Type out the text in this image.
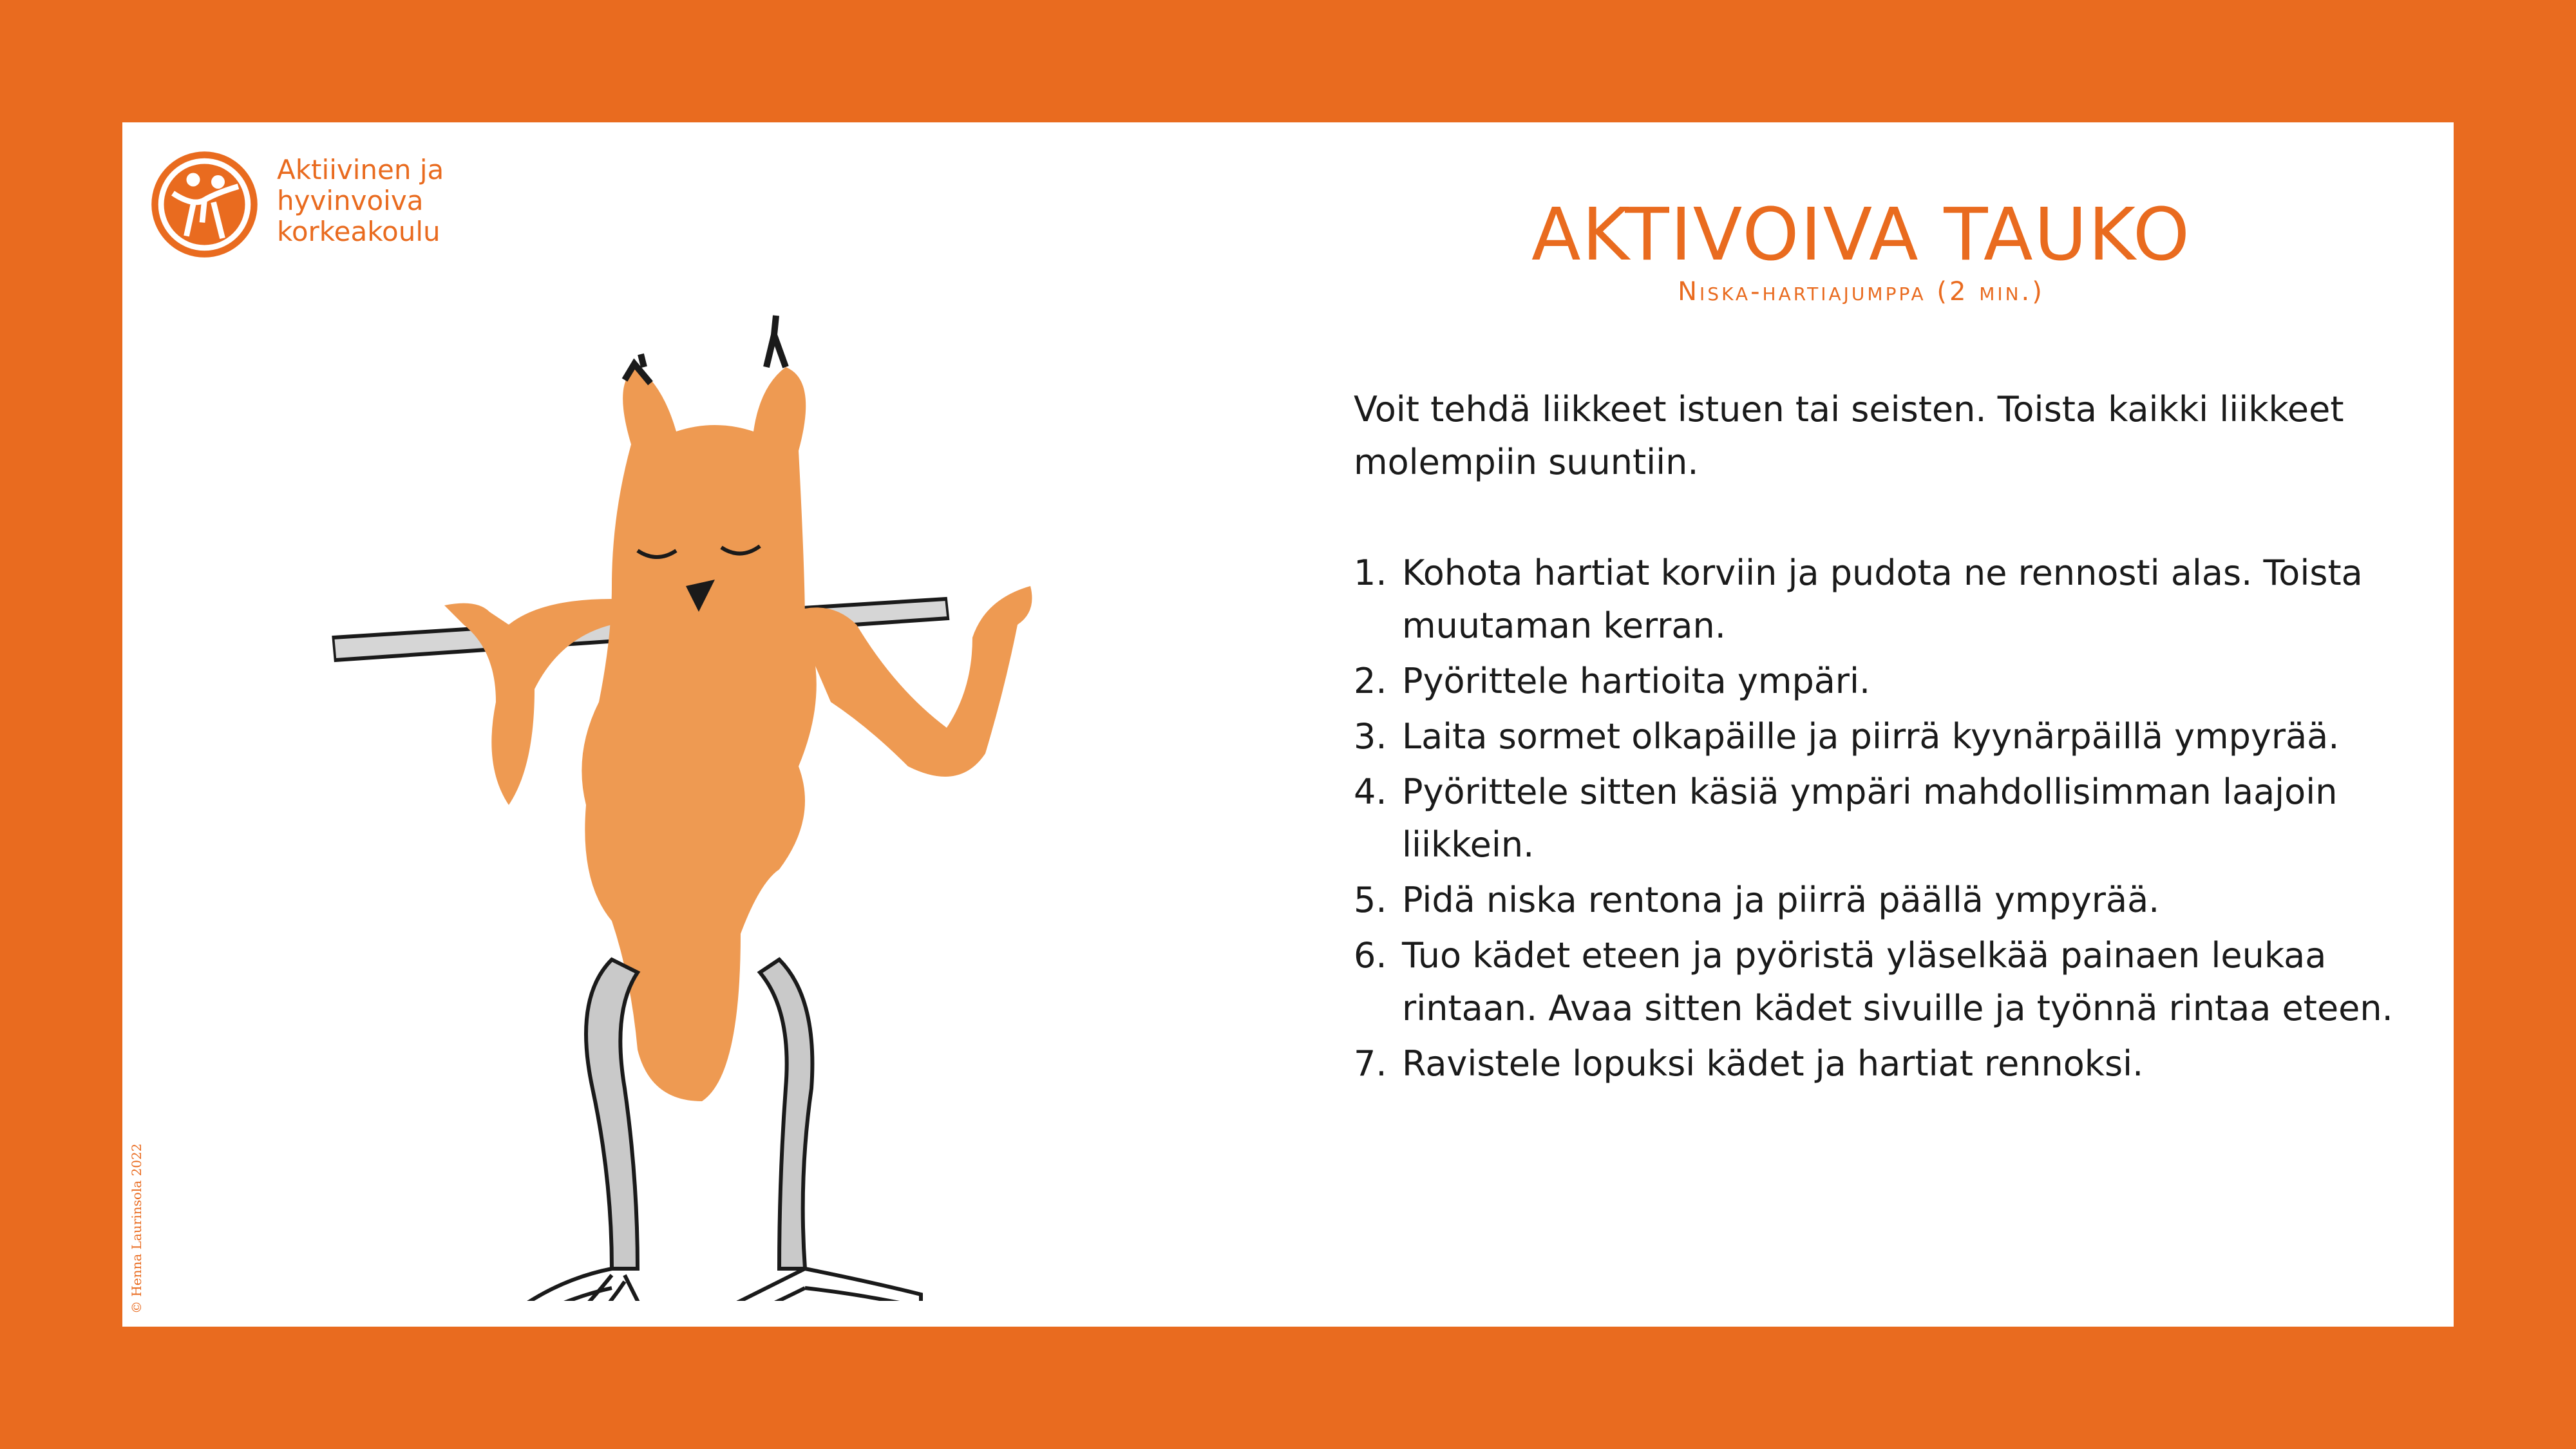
Aktiivinen ja
hyvinvoiva
korkeakoulu
© Henna Laurinsola 2022
AKTIVOIVA TAUKO
Niska-hartiajumppa (2 min.)

Voit tehdä liikkeet istuen tai seisten. Toista kaikki liikkeet molempiin suuntiin.

1. Kohota hartiat korviin ja pudota ne rennosti alas. Toista muutaman kerran.
2. Pyörittele hartioita ympäri.
3. Laita sormet olkapäille ja piirrä kyynärpäillä ympyrää.
4. Pyörittele sitten käsiä ympäri mahdollisimman laajoin liikkein.
5. Pidä niska rentona ja piirrä päällä ympyrää.
6. Tuo kädet eteen ja pyöristä yläselkää painaen leukaa rintaan. Avaa sitten kädet sivuille ja työnnä rintaa eteen.
7. Ravistele lopuksi kädet ja hartiat rennoksi.
